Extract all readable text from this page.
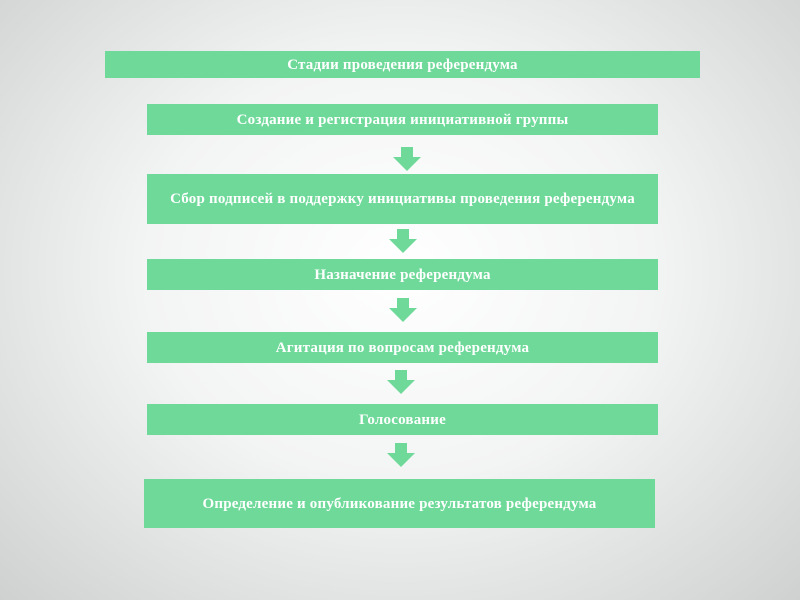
Стадии проведения референдума
Создание и регистрация инициативной группы
Сбор подписей в поддержку инициативы проведения референдума
Назначение референдума
Агитация по вопросам референдума
Голосование
Определение и опубликование результатов референдума
